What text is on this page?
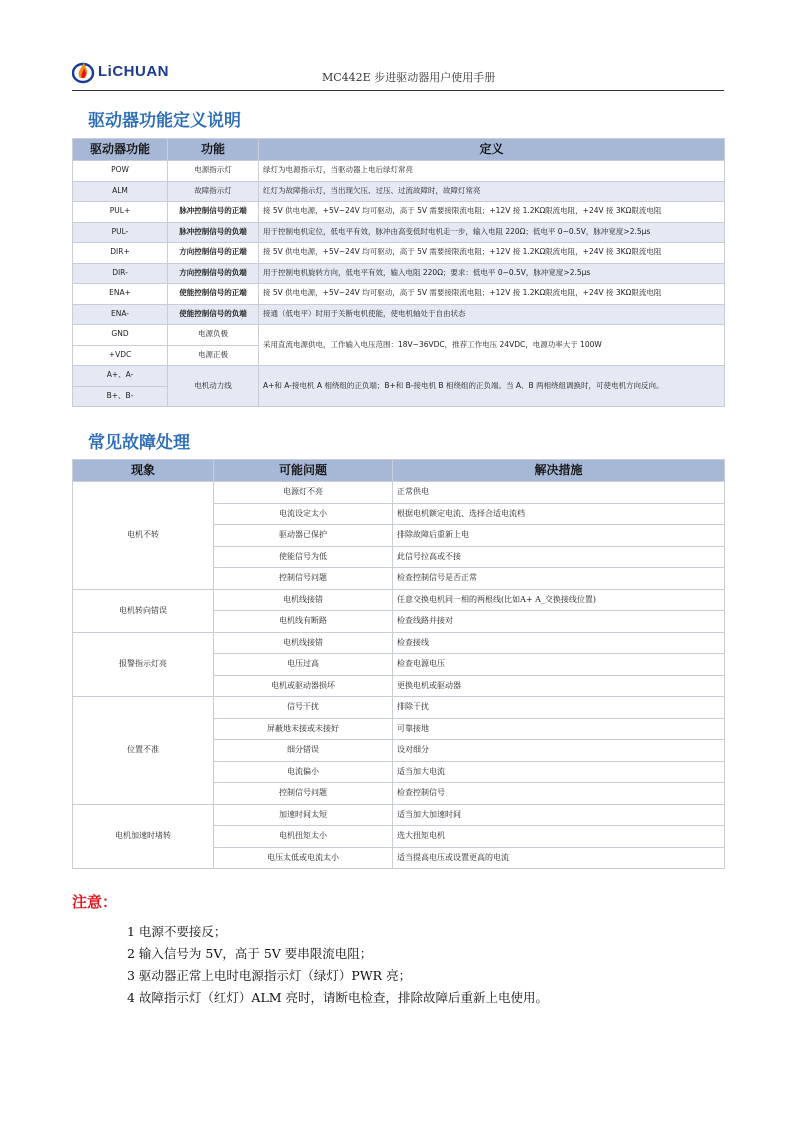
LiCHUAN	MC442E 步进驱动器用户使用手册
驱动器功能定义说明
驱动器功能	功能	定义
POW	电源指示灯	绿灯为电源指示灯，当驱动器上电后绿灯常亮
ALM	故障指示灯	红灯为故障指示灯，当出现欠压、过压、过流故障时，故障灯常亮
PUL+	脉冲控制信号的正端	接 5V 供电电源，+5V~24V 均可驱动，高于 5V 需要接限流电阻；+12V 接 1.2KΩ限流电阻，+24V 接 3KΩ限流电阻
PUL-	脉冲控制信号的负端	用于控制电机定位，低电平有效，脉冲由高变低时电机走一步，输入电阻 220Ω；低电平 0~0.5V，脉冲宽度>2.5μs
DIR+	方向控制信号的正端	接 5V 供电电源，+5V~24V 均可驱动，高于 5V 需要接限流电阻；+12V 接 1.2KΩ限流电阻，+24V 接 3KΩ限流电阻
DIR-	方向控制信号的负端	用于控制电机旋转方向，低电平有效，输入电阻 220Ω；要求：低电平 0~0.5V，脉冲宽度>2.5μs
ENA+	使能控制信号的正端	接 5V 供电电源，+5V~24V 均可驱动，高于 5V 需要接限流电阻；+12V 接 1.2KΩ限流电阻，+24V 接 3KΩ限流电阻
ENA-	使能控制信号的负端	接通（低电平）时用于关断电机使能，使电机轴处于自由状态
GND	电源负极	采用直流电源供电，工作输入电压范围：18V~36VDC，推荐工作电压 24VDC，电源功率大于 100W
+VDC	电源正极	
A+、A-	电机动力线	A+和 A-接电机 A 相绕组的正负端；B+和 B-接电机 B 相绕组的正负端。当 A、B 两相绕组调换时，可使电机方向反向。
B+、B-		
常见故障处理
现象	可能问题	解决措施
电机不转	电源灯不亮	正常供电
	电流设定太小	根据电机额定电流、选择合适电流档
	驱动器已保护	排除故障后重新上电
	使能信号为低	此信号拉高或不接
	控制信号问题	检查控制信号是否正常
电机转向错误	电机线接错	任意交换电机同一相的两根线(比如A+ A_交换接线位置)
	电机线有断路	检查线路并接对
报警指示灯亮	电机线接错	检查接线
	电压过高	检查电源电压
	电机或驱动器损坏	更换电机或驱动器
位置不准	信号干扰	排除干扰
	屏蔽地未接或未接好	可靠接地
	细分错误	设对细分
	电流偏小	适当加大电流
	控制信号问题	检查控制信号
电机加速时堵转	加速时间太短	适当加大加速时间
	电机扭矩太小	选大扭矩电机
	电压太低或电流太小	适当提高电压或设置更高的电流
注意：
1 电源不要接反；
2 输入信号为 5V，高于 5V 要串限流电阻；
3 驱动器正常上电时电源指示灯（绿灯）PWR 亮；
4 故障指示灯（红灯）ALM 亮时，请断电检查，排除故障后重新上电使用。
